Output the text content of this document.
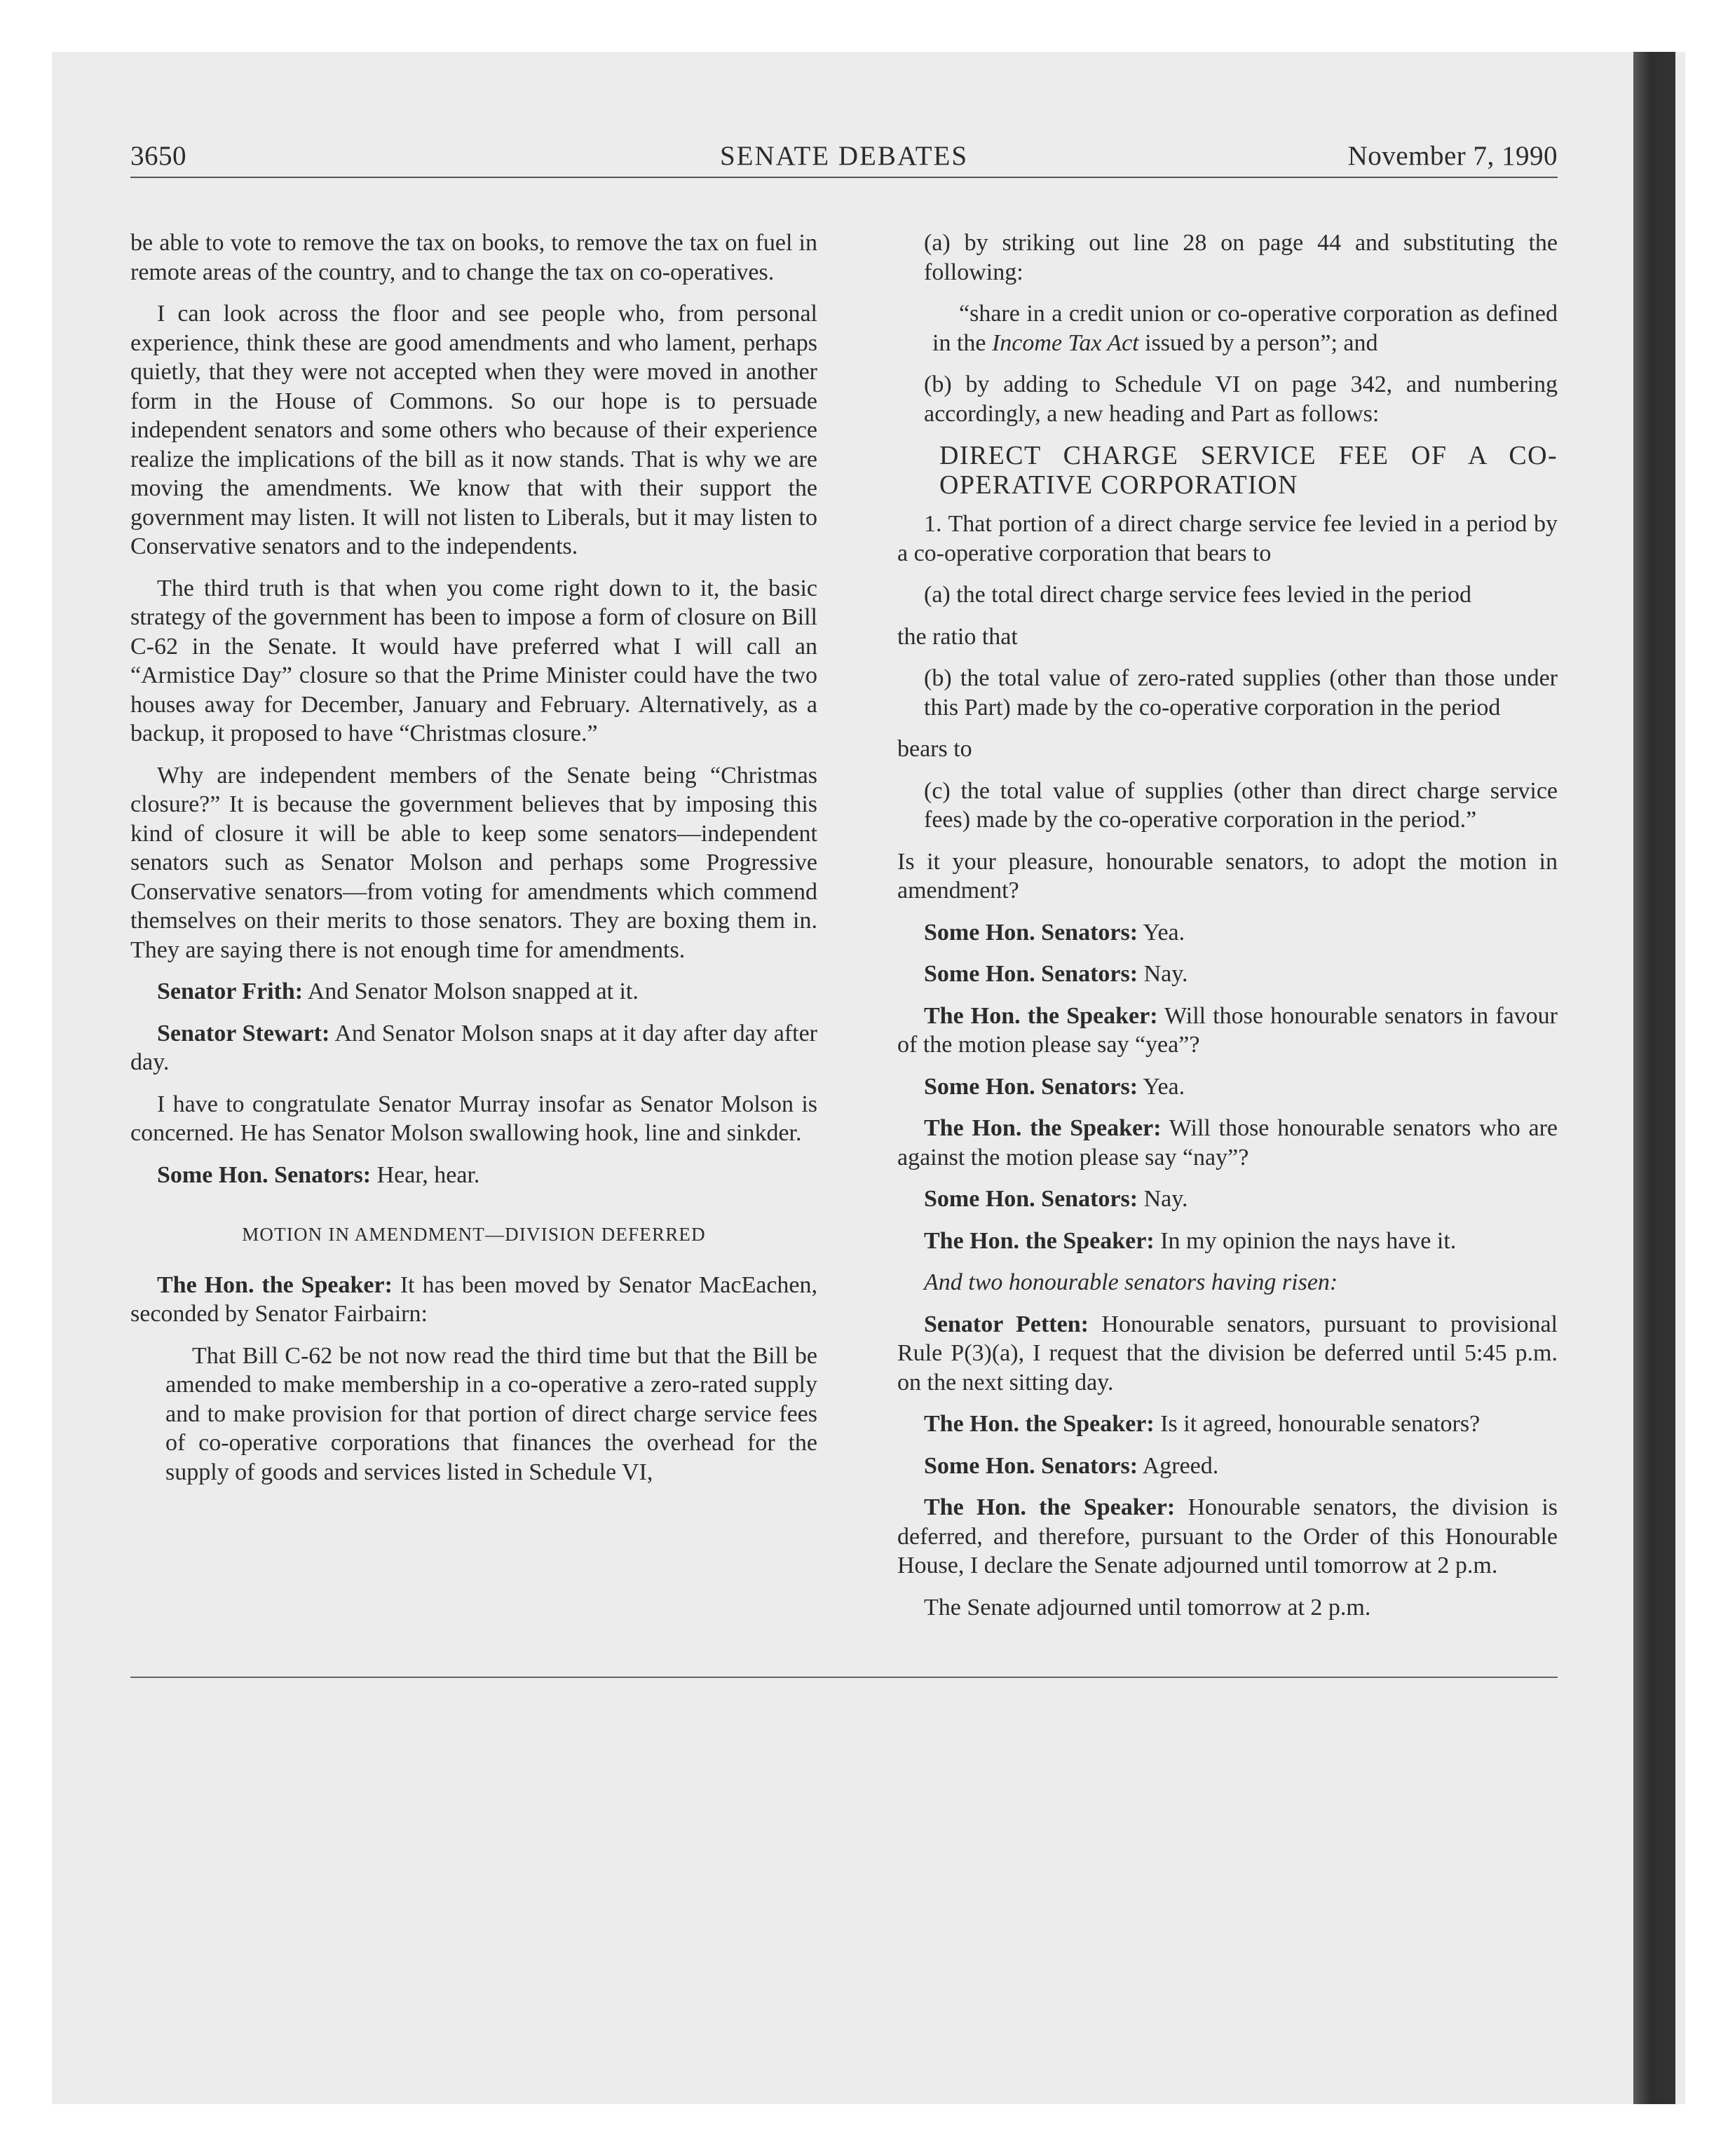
3650	SENATE DEBATES	November 7, 1990

be able to vote to remove the tax on books, to remove the tax on fuel in remote areas of the country, and to change the tax on co-operatives.

I can look across the floor and see people who, from personal experience, think these are good amendments and who lament, perhaps quietly, that they were not accepted when they were moved in another form in the House of Commons. So our hope is to persuade independent senators and some others who because of their experience realize the implications of the bill as it now stands. That is why we are moving the amendments. We know that with their support the government may listen. It will not listen to Liberals, but it may listen to Conservative senators and to the independents.

The third truth is that when you come right down to it, the basic strategy of the government has been to impose a form of closure on Bill C-62 in the Senate. It would have preferred what I will call an “Armistice Day” closure so that the Prime Minister could have the two houses away for December, January and February. Alternatively, as a backup, it proposed to have “Christmas closure.”

Why are independent members of the Senate being “Christmas closure?” It is because the government believes that by imposing this kind of closure it will be able to keep some senators—independent senators such as Senator Molson and perhaps some Progressive Conservative senators—from voting for amendments which commend themselves on their merits to those senators. They are boxing them in. They are saying there is not enough time for amendments.

Senator Frith: And Senator Molson snapped at it.

Senator Stewart: And Senator Molson snaps at it day after day after day.

I have to congratulate Senator Murray insofar as Senator Molson is concerned. He has Senator Molson swallowing hook, line and sinkder.

Some Hon. Senators: Hear, hear.

MOTION IN AMENDMENT—DIVISION DEFERRED

The Hon. the Speaker: It has been moved by Senator MacEachen, seconded by Senator Fairbairn:

That Bill C-62 be not now read the third time but that the Bill be amended to make membership in a co-operative a zero-rated supply and to make provision for that portion of direct charge service fees of co-operative corporations that finances the overhead for the supply of goods and services listed in Schedule VI,

(a) by striking out line 28 on page 44 and substituting the following:

“share in a credit union or co-operative corporation as defined in the Income Tax Act issued by a person”; and

(b) by adding to Schedule VI on page 342, and numbering accordingly, a new heading and Part as follows:

DIRECT CHARGE SERVICE FEE OF A CO-OPERATIVE CORPORATION

1. That portion of a direct charge service fee levied in a period by a co-operative corporation that bears to

(a) the total direct charge service fees levied in the period

the ratio that

(b) the total value of zero-rated supplies (other than those under this Part) made by the co-operative corporation in the period

bears to

(c) the total value of supplies (other than direct charge service fees) made by the co-operative corporation in the period.”

Is it your pleasure, honourable senators, to adopt the motion in amendment?

Some Hon. Senators: Yea.

Some Hon. Senators: Nay.

The Hon. the Speaker: Will those honourable senators in favour of the motion please say “yea”?

Some Hon. Senators: Yea.

The Hon. the Speaker: Will those honourable senators who are against the motion please say “nay”?

Some Hon. Senators: Nay.

The Hon. the Speaker: In my opinion the nays have it.

And two honourable senators having risen:

Senator Petten: Honourable senators, pursuant to provisional Rule P(3)(a), I request that the division be deferred until 5:45 p.m. on the next sitting day.

The Hon. the Speaker: Is it agreed, honourable senators?

Some Hon. Senators: Agreed.

The Hon. the Speaker: Honourable senators, the division is deferred, and therefore, pursuant to the Order of this Honourable House, I declare the Senate adjourned until tomorrow at 2 p.m.

The Senate adjourned until tomorrow at 2 p.m.
